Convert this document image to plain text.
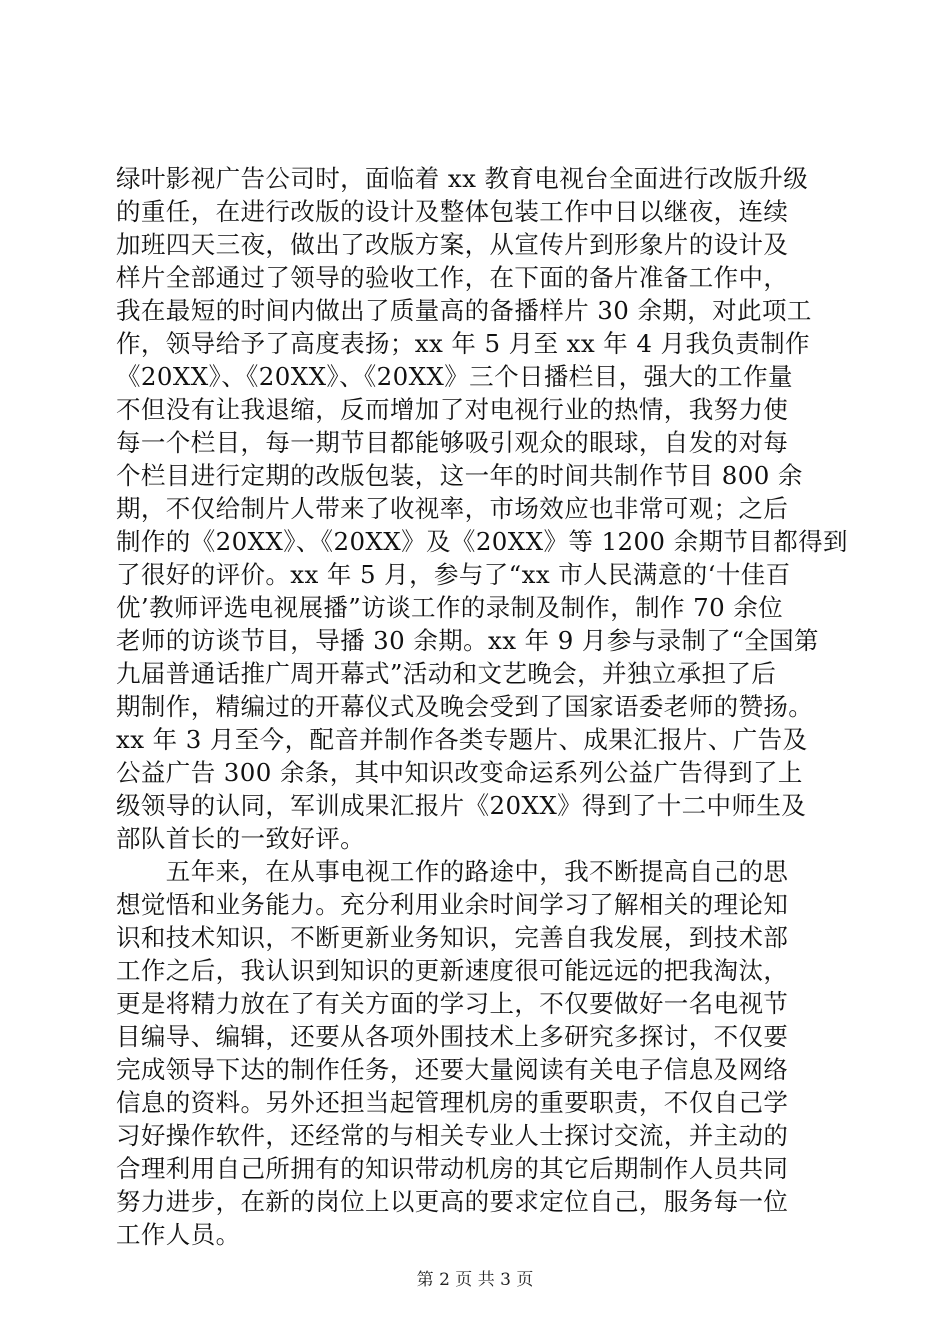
绿叶影视广告公司时，面临着 xx 教育电视台全面进行改版升级
的重任，在进行改版的设计及整体包装工作中日以继夜，连续
加班四天三夜，做出了改版方案，从宣传片到形象片的设计及
样片全部通过了领导的验收工作，在下面的备片准备工作中，
我在最短的时间内做出了质量高的备播样片 30 余期，对此项工
作，领导给予了高度表扬；xx 年 5 月至 xx 年 4 月我负责制作
《20XX》、《20XX》、《20XX》三个日播栏目，强大的工作量
不但没有让我退缩，反而增加了对电视行业的热情，我努力使
每一个栏目，每一期节目都能够吸引观众的眼球，自发的对每
个栏目进行定期的改版包装，这一年的时间共制作节目 800 余
期，不仅给制片人带来了收视率，市场效应也非常可观；之后
制作的《20XX》、《20XX》及《20XX》等 1200 余期节目都得到
了很好的评价。xx 年 5 月，参与了“xx 市人民满意的‘十佳百
优’教师评选电视展播”访谈工作的录制及制作，制作 70 余位
老师的访谈节目，导播 30 余期。xx 年 9 月参与录制了“全国第
九届普通话推广周开幕式”活动和文艺晚会，并独立承担了后
期制作，精编过的开幕仪式及晚会受到了国家语委老师的赞扬。
xx 年 3 月至今，配音并制作各类专题片、成果汇报片、广告及
公益广告 300 余条，其中知识改变命运系列公益广告得到了上
级领导的认同，军训成果汇报片《20XX》得到了十二中师生及
部队首长的一致好评。
　　五年来，在从事电视工作的路途中，我不断提高自己的思
想觉悟和业务能力。充分利用业余时间学习了解相关的理论知
识和技术知识，不断更新业务知识，完善自我发展，到技术部
工作之后，我认识到知识的更新速度很可能远远的把我淘汰，
更是将精力放在了有关方面的学习上，不仅要做好一名电视节
目编导、编辑，还要从各项外围技术上多研究多探讨，不仅要
完成领导下达的制作任务，还要大量阅读有关电子信息及网络
信息的资料。另外还担当起管理机房的重要职责，不仅自己学
习好操作软件，还经常的与相关专业人士探讨交流，并主动的
合理利用自己所拥有的知识带动机房的其它后期制作人员共同
努力进步，在新的岗位上以更高的要求定位自己，服务每一位
工作人员。
第 2 页 共 3 页
